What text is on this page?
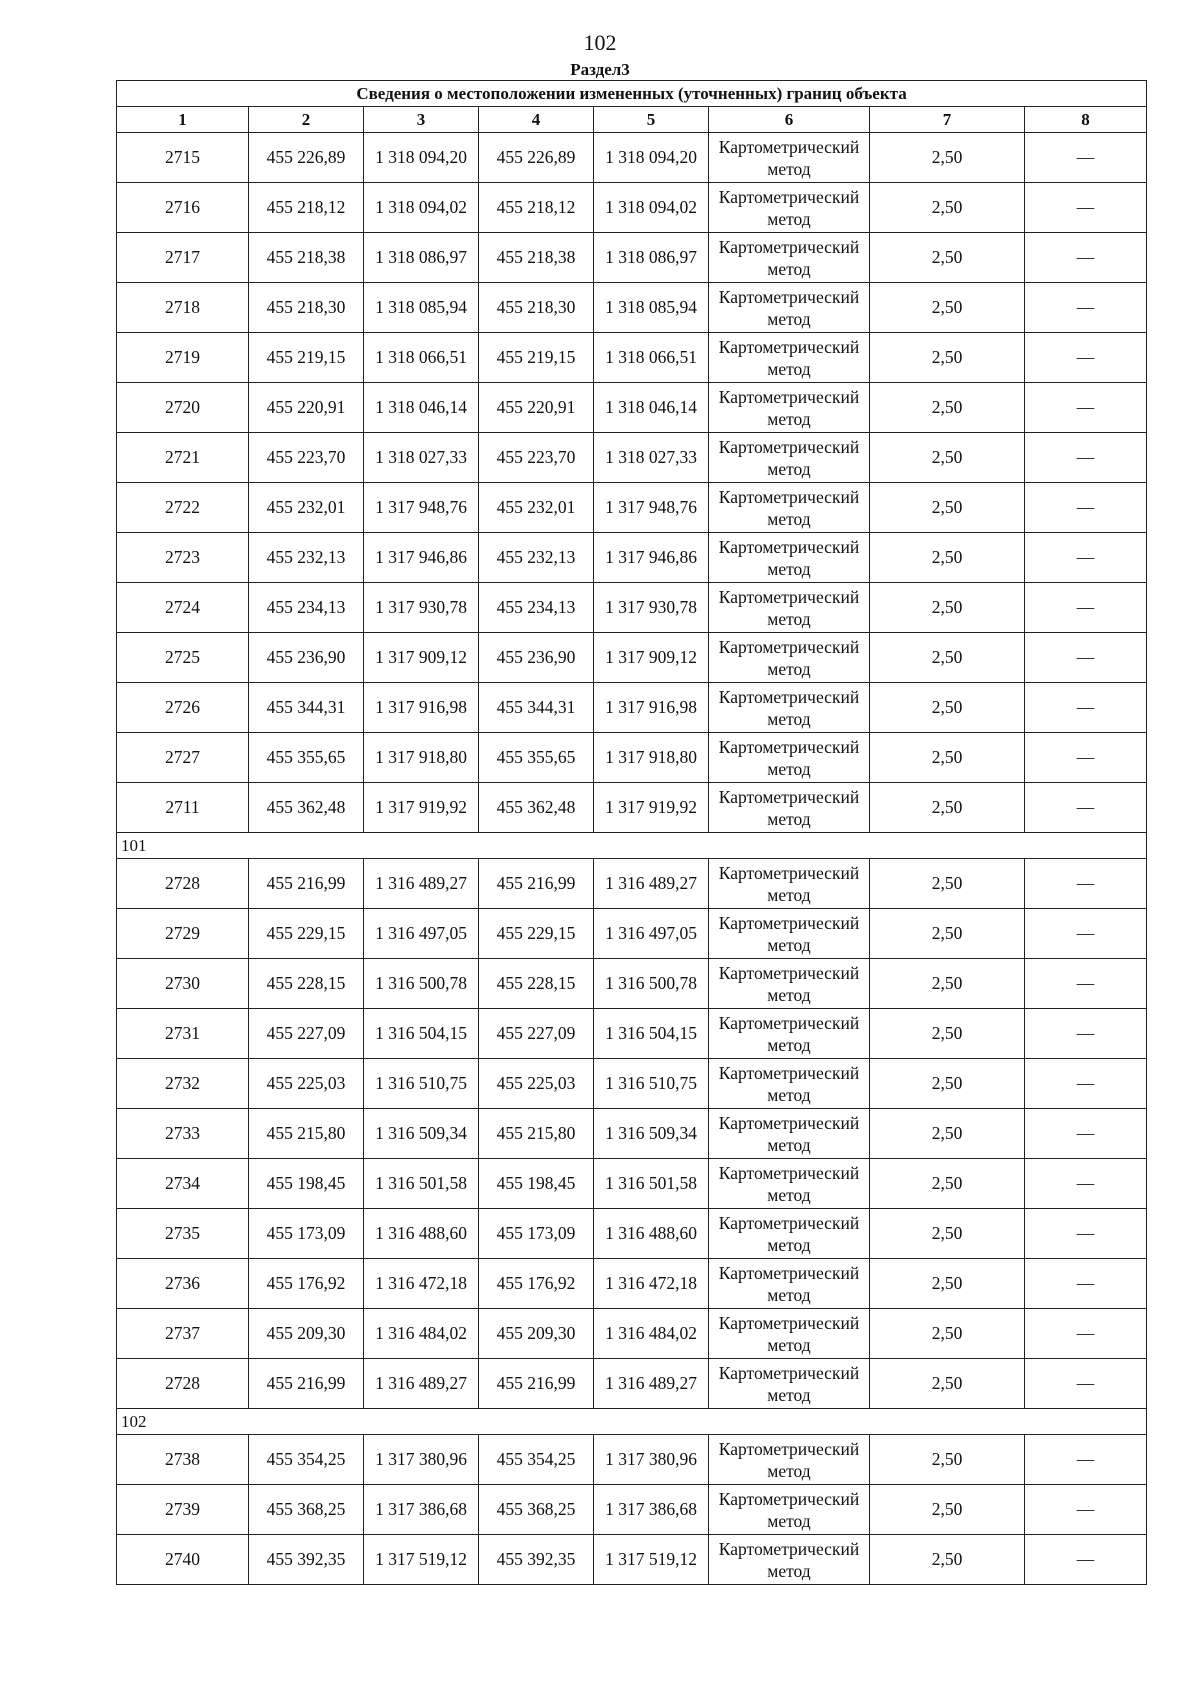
102
Раздел3
Сведения о местоположении измененных (уточненных) границ объекта							
1	2	3	4	5	6	7	8
2715	455 226,89	1 318 094,20	455 226,89	1 318 094,20	Картометрический метод	2,50	—
2716	455 218,12	1 318 094,02	455 218,12	1 318 094,02	Картометрический метод	2,50	—
2717	455 218,38	1 318 086,97	455 218,38	1 318 086,97	Картометрический метод	2,50	—
2718	455 218,30	1 318 085,94	455 218,30	1 318 085,94	Картометрический метод	2,50	—
2719	455 219,15	1 318 066,51	455 219,15	1 318 066,51	Картометрический метод	2,50	—
2720	455 220,91	1 318 046,14	455 220,91	1 318 046,14	Картометрический метод	2,50	—
2721	455 223,70	1 318 027,33	455 223,70	1 318 027,33	Картометрический метод	2,50	—
2722	455 232,01	1 317 948,76	455 232,01	1 317 948,76	Картометрический метод	2,50	—
2723	455 232,13	1 317 946,86	455 232,13	1 317 946,86	Картометрический метод	2,50	—
2724	455 234,13	1 317 930,78	455 234,13	1 317 930,78	Картометрический метод	2,50	—
2725	455 236,90	1 317 909,12	455 236,90	1 317 909,12	Картометрический метод	2,50	—
2726	455 344,31	1 317 916,98	455 344,31	1 317 916,98	Картометрический метод	2,50	—
2727	455 355,65	1 317 918,80	455 355,65	1 317 918,80	Картометрический метод	2,50	—
2711	455 362,48	1 317 919,92	455 362,48	1 317 919,92	Картометрический метод	2,50	—
101							
2728	455 216,99	1 316 489,27	455 216,99	1 316 489,27	Картометрический метод	2,50	—
2729	455 229,15	1 316 497,05	455 229,15	1 316 497,05	Картометрический метод	2,50	—
2730	455 228,15	1 316 500,78	455 228,15	1 316 500,78	Картометрический метод	2,50	—
2731	455 227,09	1 316 504,15	455 227,09	1 316 504,15	Картометрический метод	2,50	—
2732	455 225,03	1 316 510,75	455 225,03	1 316 510,75	Картометрический метод	2,50	—
2733	455 215,80	1 316 509,34	455 215,80	1 316 509,34	Картометрический метод	2,50	—
2734	455 198,45	1 316 501,58	455 198,45	1 316 501,58	Картометрический метод	2,50	—
2735	455 173,09	1 316 488,60	455 173,09	1 316 488,60	Картометрический метод	2,50	—
2736	455 176,92	1 316 472,18	455 176,92	1 316 472,18	Картометрический метод	2,50	—
2737	455 209,30	1 316 484,02	455 209,30	1 316 484,02	Картометрический метод	2,50	—
2728	455 216,99	1 316 489,27	455 216,99	1 316 489,27	Картометрический метод	2,50	—
102							
2738	455 354,25	1 317 380,96	455 354,25	1 317 380,96	Картометрический метод	2,50	—
2739	455 368,25	1 317 386,68	455 368,25	1 317 386,68	Картометрический метод	2,50	—
2740	455 392,35	1 317 519,12	455 392,35	1 317 519,12	Картометрический метод	2,50	—
